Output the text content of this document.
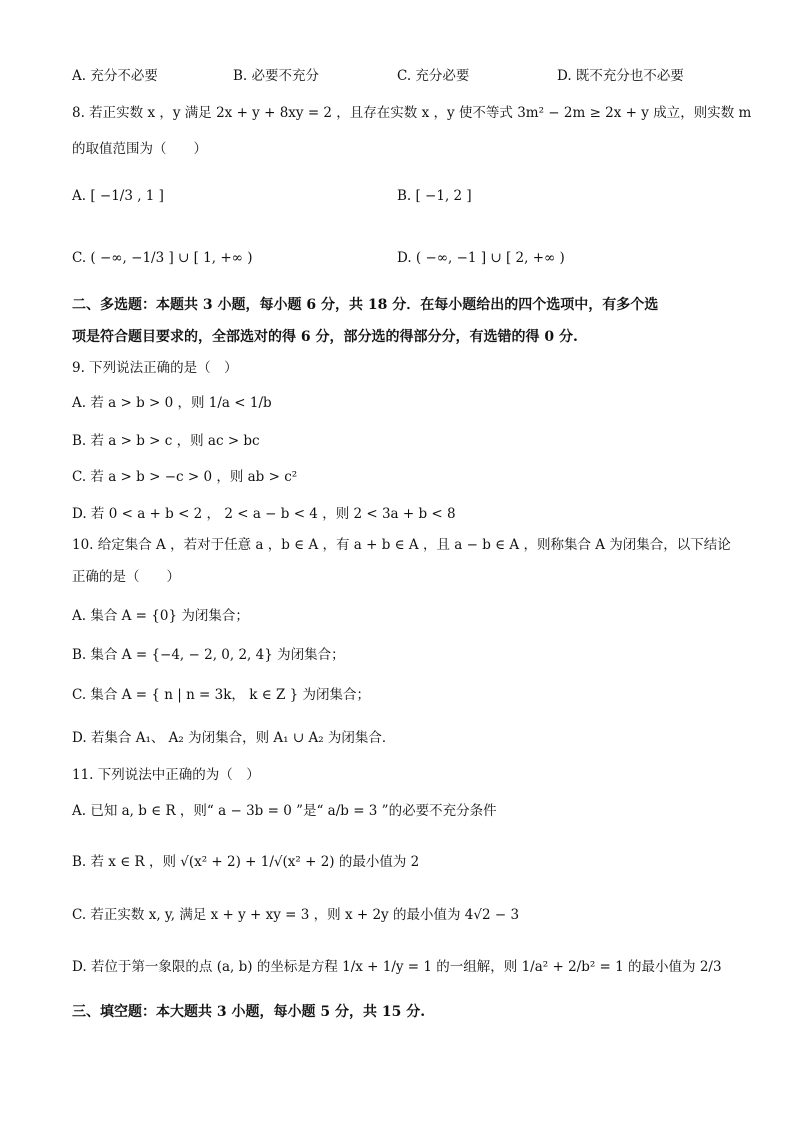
A. 充分不必要	B. 必要不充分	C. 充分必要	D. 既不充分也不必要
8. 若正实数 x ，y 满足 2x + y + 8xy = 2 ，且存在实数 x ，y 使不等式 3m² − 2m ≥ 2x + y 成立，则实数 m
的取值范围为（　　）
A. [ −1/3 , 1 ]	B. [ −1, 2 ]
C. ( −∞, −1/3 ] ∪ [ 1, +∞ )	D. ( −∞, −1 ] ∪ [ 2, +∞ )
二、多选题：本题共 3 小题，每小题 6 分，共 18 分．在每小题给出的四个选项中，有多个选
项是符合题目要求的，全部选对的得 6 分，部分选的得部分分，有选错的得 0 分.
9. 下列说法正确的是（　）
A. 若 a > b > 0 ，则 1/a < 1/b
B. 若 a > b > c ，则 ac > bc
C. 若 a > b > −c > 0 ，则 ab > c²
D. 若 0 < a + b < 2 ， 2 < a − b < 4 ，则 2 < 3a + b < 8
10. 给定集合 A ，若对于任意 a ，b ∈ A ，有 a + b ∈ A ，且 a − b ∈ A ，则称集合 A 为闭集合，以下结论
正确的是（　　）
A. 集合 A = {0} 为闭集合；
B. 集合 A = {−4, − 2, 0, 2, 4} 为闭集合；
C. 集合 A = { n | n = 3k， k ∈ Z } 为闭集合；
D. 若集合 A₁、 A₂ 为闭集合，则 A₁ ∪ A₂ 为闭集合．
11. 下列说法中正确的为（　）
A. 已知 a, b ∈ R ，则“ a − 3b = 0 ”是“ a/b = 3 ”的必要不充分条件
B. 若 x ∈ R ，则 √(x² + 2) + 1/√(x² + 2) 的最小值为 2
C. 若正实数 x, y, 满足 x + y + xy = 3 ，则 x + 2y 的最小值为 4√2 − 3
D. 若位于第一象限的点 (a, b) 的坐标是方程 1/x + 1/y = 1 的一组解，则 1/a² + 2/b² = 1 的最小值为 2/3
三、填空题：本大题共 3 小题，每小题 5 分，共 15 分.
